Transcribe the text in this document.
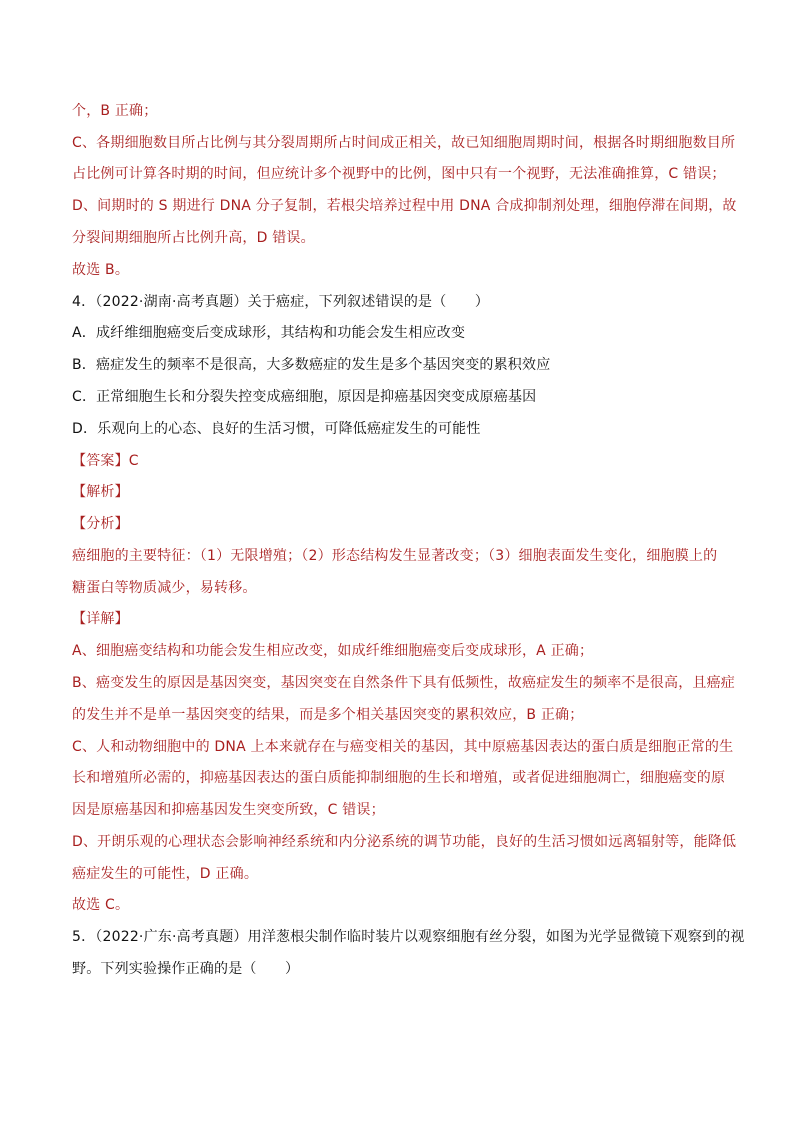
个，B 正确；
C、各期细胞数目所占比例与其分裂周期所占时间成正相关，故已知细胞周期时间，根据各时期细胞数目所
占比例可计算各时期的时间，但应统计多个视野中的比例，图中只有一个视野，无法准确推算，C 错误；
D、间期时的 S 期进行 DNA 分子复制，若根尖培养过程中用 DNA 合成抑制剂处理，细胞停滞在间期，故
分裂间期细胞所占比例升高，D 错误。
故选 B。
4．（2022·湖南·高考真题）关于癌症，下列叙述错误的是（　　）
A．成纤维细胞癌变后变成球形，其结构和功能会发生相应改变
B．癌症发生的频率不是很高，大多数癌症的发生是多个基因突变的累积效应
C．正常细胞生长和分裂失控变成癌细胞，原因是抑癌基因突变成原癌基因
D．乐观向上的心态、良好的生活习惯，可降低癌症发生的可能性
【答案】C
【解析】
【分析】
癌细胞的主要特征：（1）无限增殖；（2）形态结构发生显著改变；（3）细胞表面发生变化，细胞膜上的
糖蛋白等物质减少，易转移。
【详解】
A、细胞癌变结构和功能会发生相应改变，如成纤维细胞癌变后变成球形，A 正确；
B、癌变发生的原因是基因突变，基因突变在自然条件下具有低频性，故癌症发生的频率不是很高，且癌症
的发生并不是单一基因突变的结果，而是多个相关基因突变的累积效应，B 正确；
C、人和动物细胞中的 DNA 上本来就存在与癌变相关的基因，其中原癌基因表达的蛋白质是细胞正常的生
长和增殖所必需的，抑癌基因表达的蛋白质能抑制细胞的生长和增殖，或者促进细胞凋亡，细胞癌变的原
因是原癌基因和抑癌基因发生突变所致，C 错误；
D、开朗乐观的心理状态会影响神经系统和内分泌系统的调节功能，良好的生活习惯如远离辐射等，能降低
癌症发生的可能性，D 正确。
故选 C。
5．（2022·广东·高考真题）用洋葱根尖制作临时装片以观察细胞有丝分裂，如图为光学显微镜下观察到的视
野。下列实验操作正确的是（　　）
